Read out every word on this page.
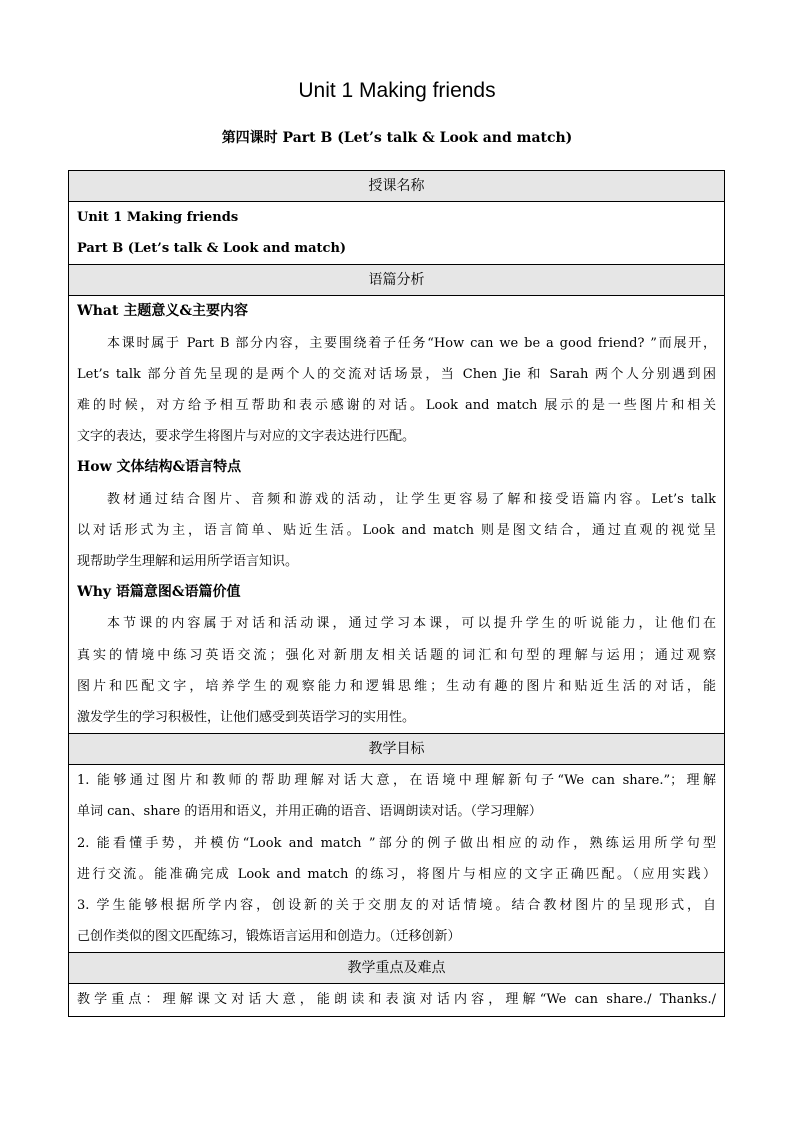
Unit 1 Making friends
第四课时 Part B (Let’s talk & Look and match)
授课名称

Unit 1 Making friends

Part B (Let’s talk & Look and match)

语篇分析

What 主题意义&主要内容

本课时属于 Part B 部分内容，主要围绕着子任务“How can we be a good friend? ”而展开，

Let’s talk 部分首先呈现的是两个人的交流对话场景，当 Chen Jie 和 Sarah 两个人分别遇到困

难的时候，对方给予相互帮助和表示感谢的对话。Look and match 展示的是一些图片和相关

文字的表达，要求学生将图片与对应的文字表达进行匹配。

How 文体结构&语言特点

教材通过结合图片、音频和游戏的活动，让学生更容易了解和接受语篇内容。Let’s talk

以对话形式为主，语言简单、贴近生活。Look and match 则是图文结合，通过直观的视觉呈

现帮助学生理解和运用所学语言知识。

Why 语篇意图&语篇价值

本节课的内容属于对话和活动课，通过学习本课，可以提升学生的听说能力，让他们在

真实的情境中练习英语交流；强化对新朋友相关话题的词汇和句型的理解与运用；通过观察

图片和匹配文字，培养学生的观察能力和逻辑思维；生动有趣的图片和贴近生活的对话，能

激发学生的学习积极性，让他们感受到英语学习的实用性。

教学目标

1. 能够通过图片和教师的帮助理解对话大意，在语境中理解新句子“We can share.”；理解

单词 can、share 的语用和语义，并用正确的语音、语调朗读对话。（学习理解）

2. 能看懂手势，并模仿“Look and match ”部分的例子做出相应的动作，熟练运用所学句型

进行交流。能准确完成 Look and match 的练习，将图片与相应的文字正确匹配。（应用实践）

3. 学生能够根据所学内容，创设新的关于交朋友的对话情境。结合教材图片的呈现形式，自

己创作类似的图文匹配练习，锻炼语言运用和创造力。（迁移创新）

教学重点及难点

教学重点：理解课文对话大意，能朗读和表演对话内容，理解“We can share./ Thanks./
